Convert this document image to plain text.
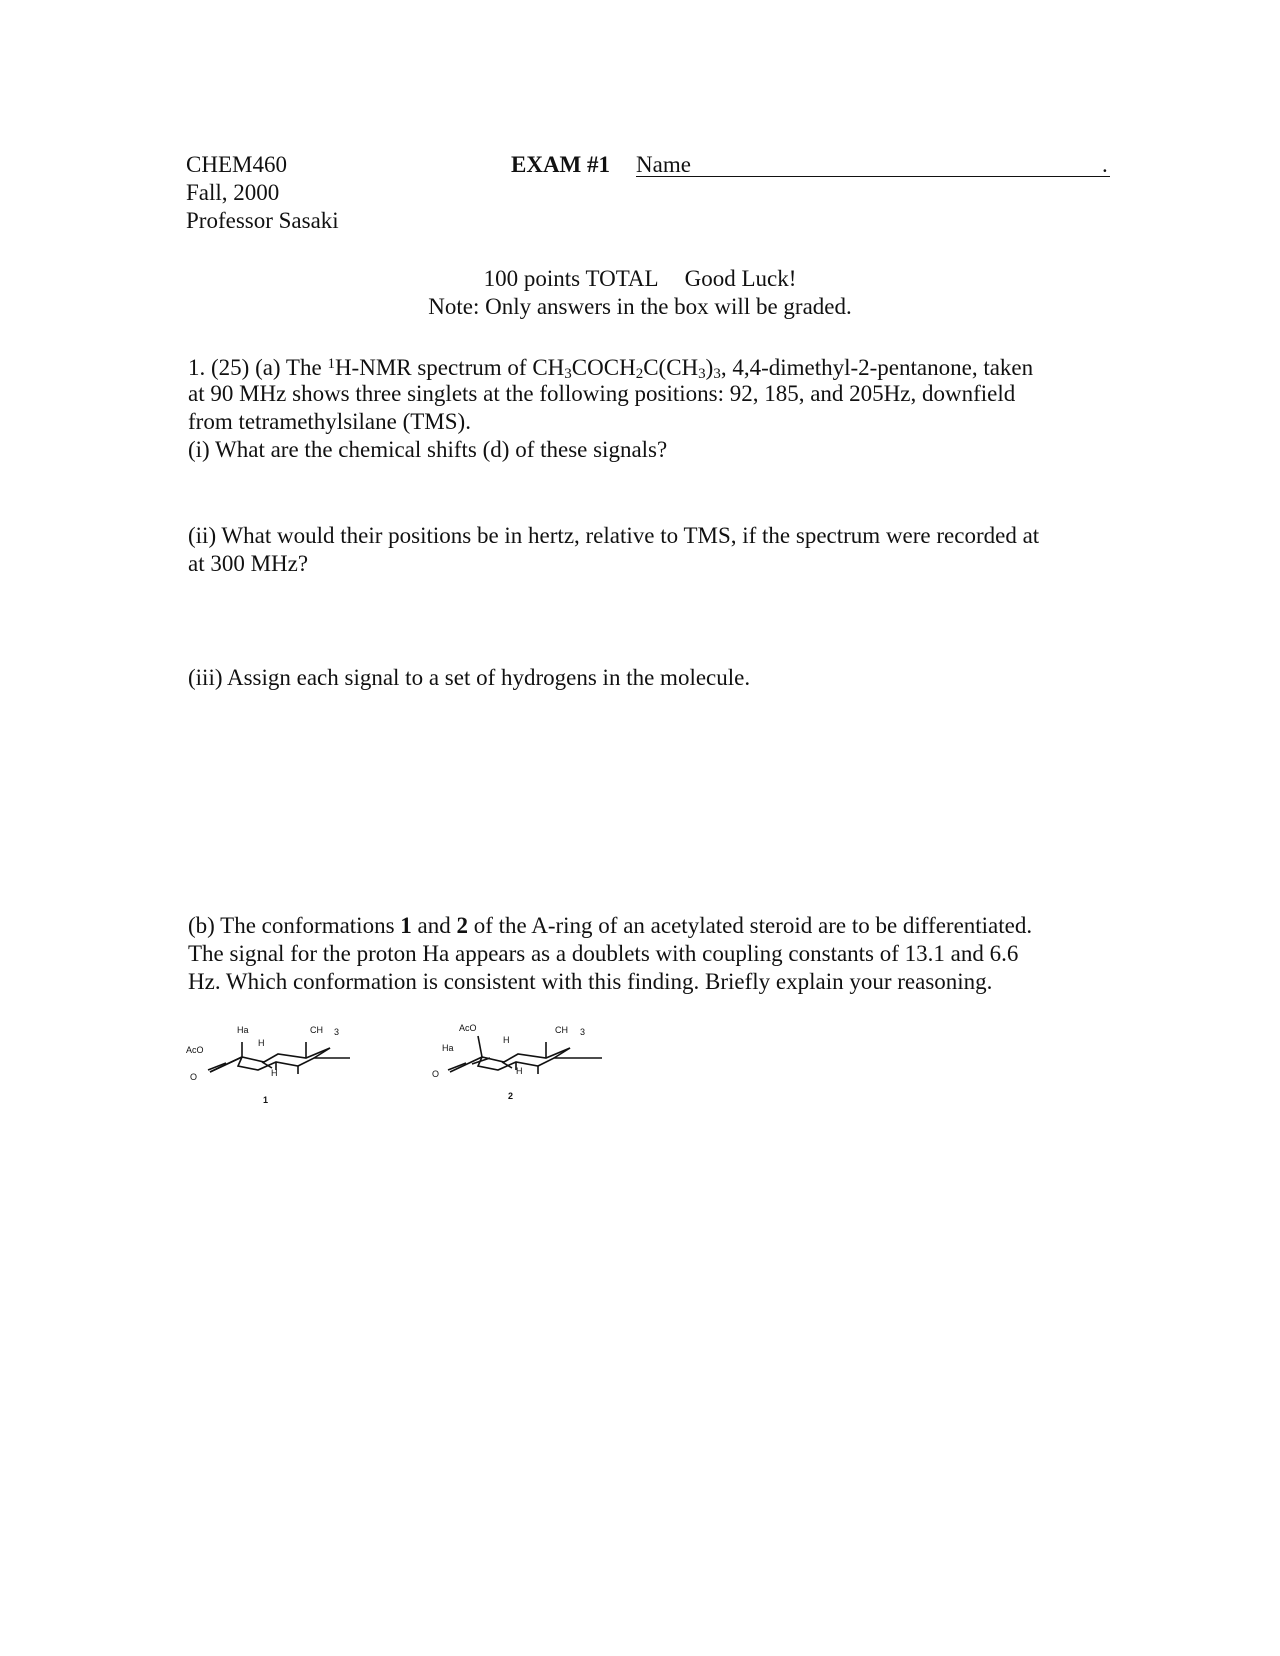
CHEM460
Fall, 2000
Professor Sasaki
EXAM #1 Name	.
100 points TOTAL Good Luck!
Note: Only answers in the box will be graded.
1. (25) (a) The $^1$H-NMR spectrum of $CH_3COCH_2C(CH_3)_3$, 4,4-dimethyl-2-pentanone, taken
at 90 MHz shows three singlets at the following positions: 92, 185, and 205Hz, downfield
from tetramethylsilane (TMS).
(i) What are the chemical shifts (d) of these signals?
(ii) What would their positions be in hertz, relative to TMS, if the spectrum were recorded at
at 300 MHz?
(iii) Assign each signal to a set of hydrogens in the molecule.
(b) The conformations 1 and 2 of the A-ring of an acetylated steroid are to be differentiated.
The signal for the proton Ha appears as a doublets with coupling constants of 13.1 and 6.6
Hz. Which conformation is consistent with this finding. Briefly explain your reasoning.
Ha
H
CH 3
AcO
H
O
1
AcO
H
CH 3
Ha
H
O
2
